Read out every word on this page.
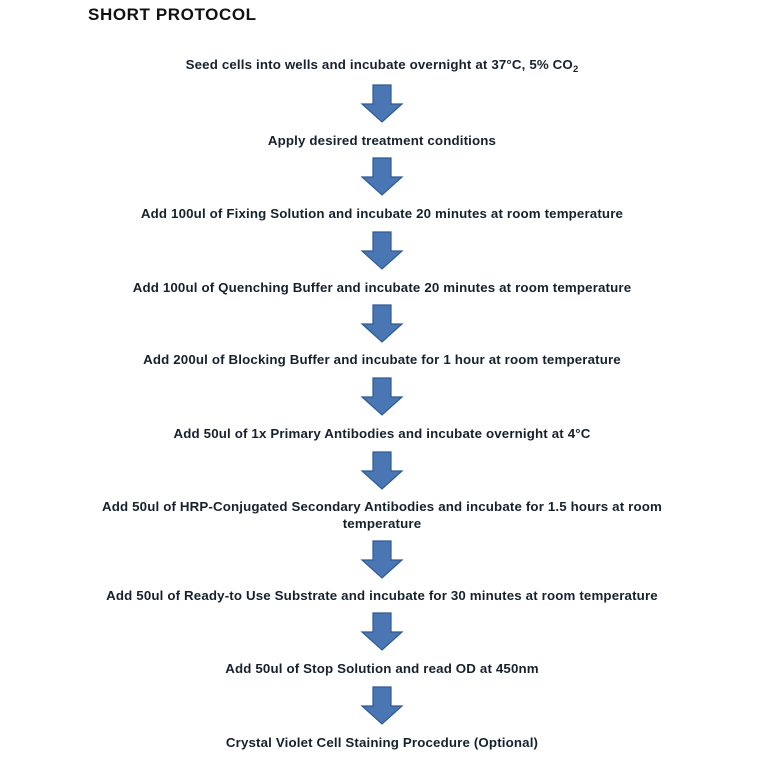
SHORT PROTOCOL
Seed cells into wells and incubate overnight at 37°C, 5% $CO_2$
Apply desired treatment conditions
Add 100ul of Fixing Solution and incubate 20 minutes at room temperature
Add 100ul of Quenching Buffer and incubate 20 minutes at room temperature
Add 200ul of Blocking Buffer and incubate for 1 hour at room temperature
Add 50ul of 1x Primary Antibodies and incubate overnight at 4°C
Add 50ul of HRP-Conjugated Secondary Antibodies and incubate for 1.5 hours at room temperature
Add 50ul of Ready-to Use Substrate and incubate for 30 minutes at room temperature
Add 50ul of Stop Solution and read OD at 450nm
Crystal Violet Cell Staining Procedure (Optional)
